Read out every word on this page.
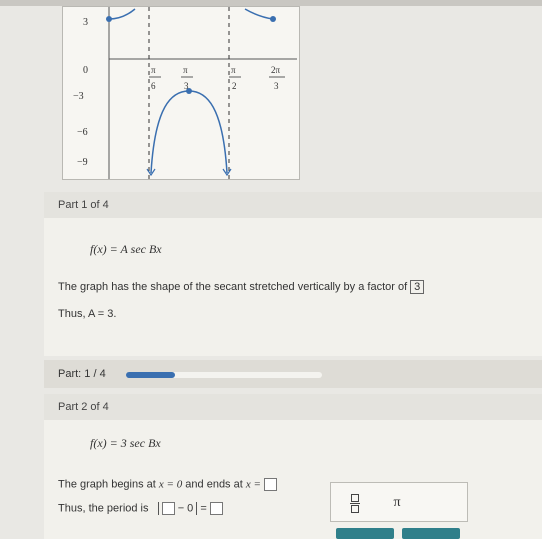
3
0
−3
−6
−9
π
6
π
3
π
2
2π
3
Part 1 of 4
f(x) = A sec Bx
The graph has the shape of the secant stretched vertically by a factor of 3
Thus, A = 3.
Part: 1 / 4
Part 2 of 4
f(x) = 3 sec Bx
The graph begins at x = 0 and ends at x =
Thus, the period is	− 0 =	π
